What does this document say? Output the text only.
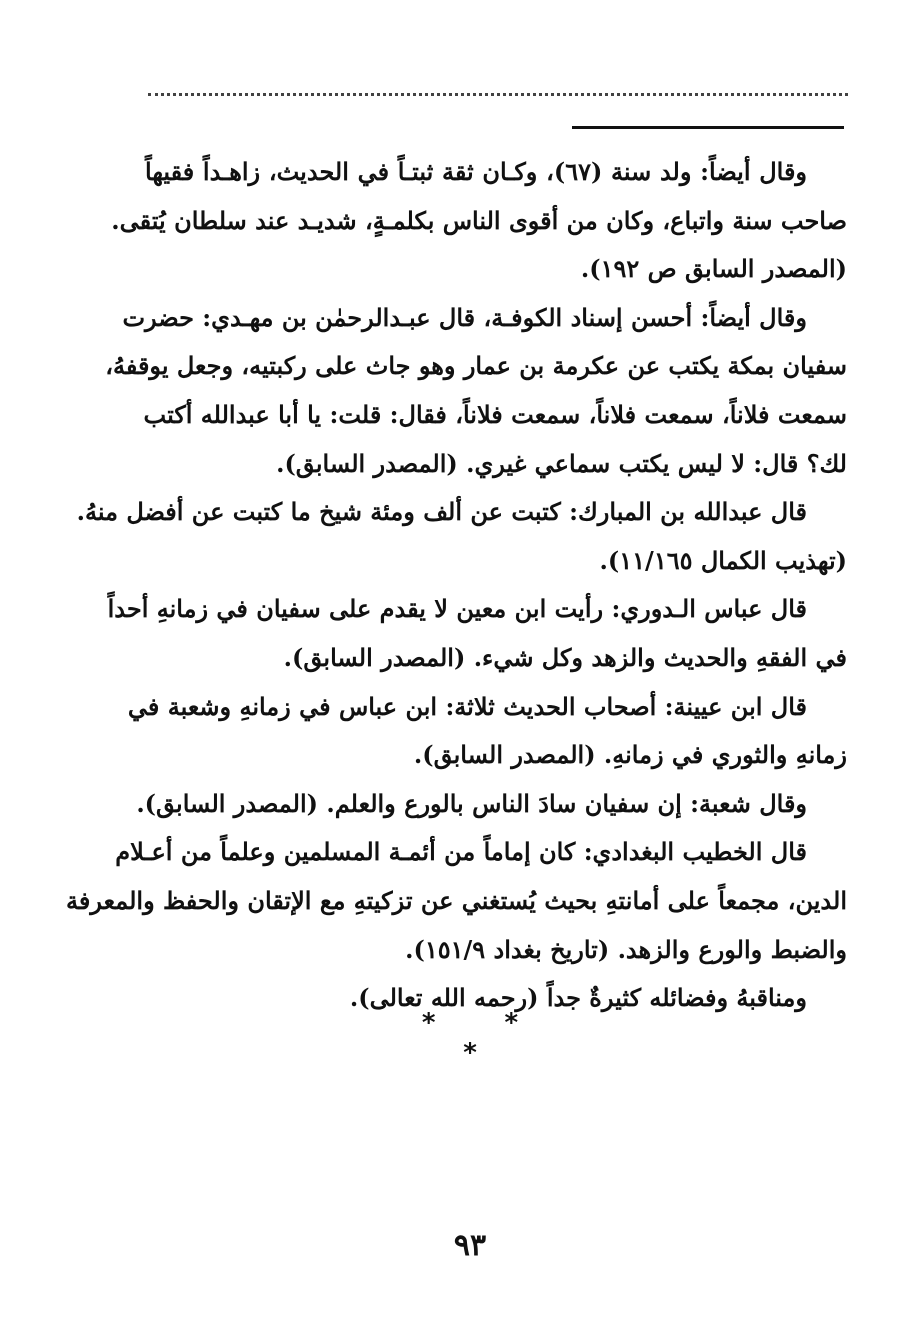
وقال أيضاً: ولد سنة (٦٧)، وكـان ثقة ثبتـاً في الحديث، زاهـداً فقيهاً
صاحب سنة واتباع، وكان من أقوى الناس بكلمـةٍ، شديـد عند سلطان يُتقى.
(المصدر السابق ص ١٩٢).
وقال أيضاً: أحسن إسناد الكوفـة، قال عبـدالرحمٰن بن مهـدي: حضرت
سفيان بمكة يكتب عن عكرمة بن عمار وهو جاث على ركبتيه، وجعل يوقفهُ،
سمعت فلاناً، سمعت فلاناً، سمعت فلاناً، فقال: قلت: يا أبا عبدالله أكتب
لك؟ قال: لا ليس يكتب سماعي غيري. (المصدر السابق).
قال عبدالله بن المبارك: كتبت عن ألف ومئة شيخ ما كتبت عن أفضل منهُ.
(تهذيب الكمال ١١/١٦٥).
قال عباس الـدوري: رأيت ابن معين لا يقدم على سفيان في زمانهِ أحداً
في الفقهِ والحديث والزهد وكل شيء. (المصدر السابق).
قال ابن عيينة: أصحاب الحديث ثلاثة: ابن عباس في زمانهِ وشعبة في
زمانهِ والثوري في زمانهِ. (المصدر السابق).
وقال شعبة: إن سفيان سادَ الناس بالورع والعلم. (المصدر السابق).
قال الخطيب البغدادي: كان إماماً من أئمـة المسلمين وعلماً من أعـلام
الدين، مجمعاً على أمانتهِ بحيث يُستغني عن تزكيتهِ مع الإتقان والحفظ والمعرفة
والضبط والورع والزهد. (تاريخ بغداد ١٥١/٩).
ومناقبهُ وفضائله كثيرةٌ جداً (رحمه الله تعالى).
* * *
٩٣
